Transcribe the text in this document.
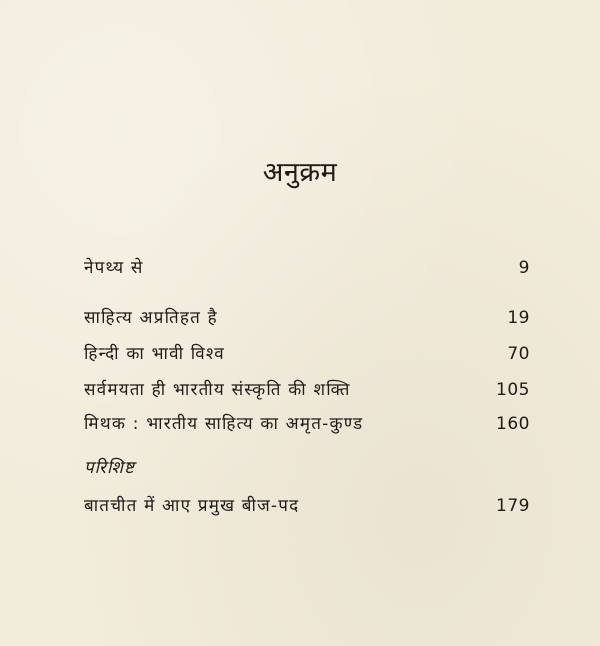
अनुक्रम
नेपथ्य से	9
साहित्य अप्रतिहत है	19
हिन्दी का भावी विश्व	70
सर्वमयता ही भारतीय संस्कृति की शक्ति	105
मिथक : भारतीय साहित्य का अमृत-कुण्ड	160
परिशिष्ट
बातचीत में आए प्रमुख बीज-पद	179
